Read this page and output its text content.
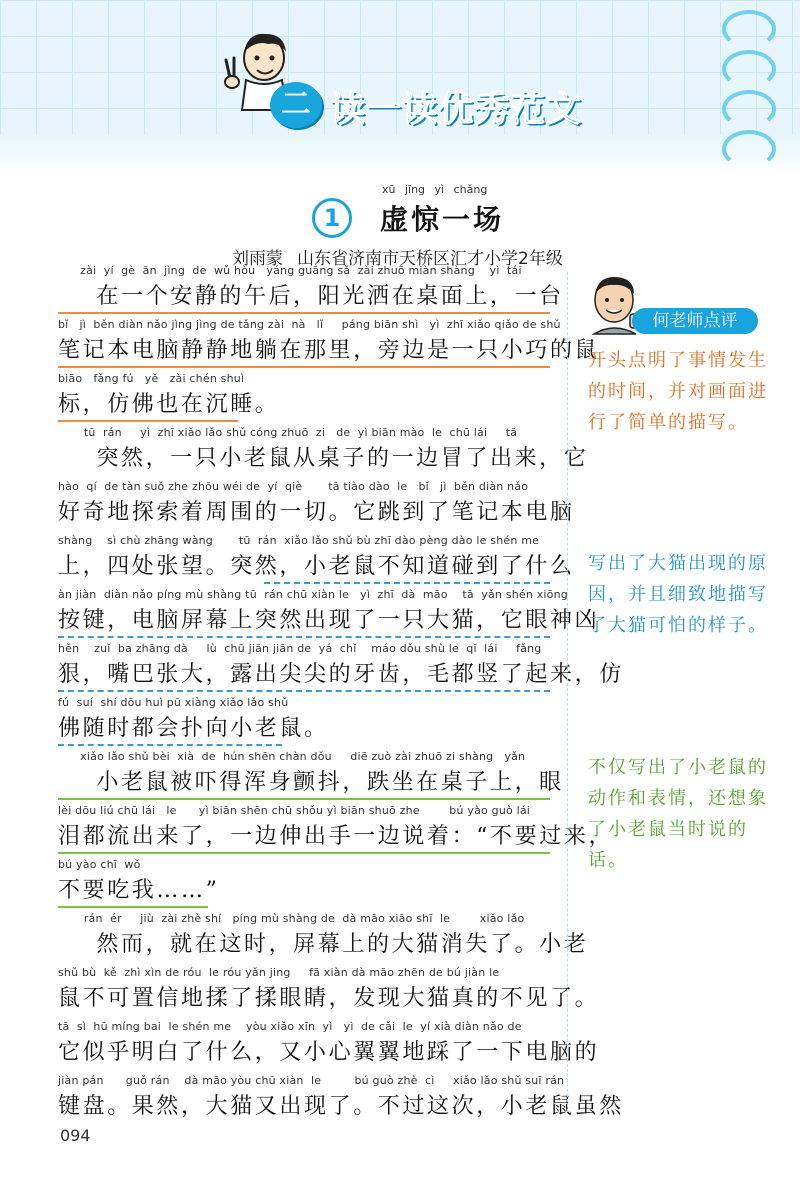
二 读一读优秀范文
xū jīng yì chǎng
1	虚惊一场
刘雨蒙 山东省济南市天桥区汇才小学2年级
zài  yí  gè  ān  jìng  de  wǔ hòu   yáng guāng sǎ  zài zhuō miàn shàng    yì  tái
在一个安静的午后，阳光洒在桌面上，一台
bǐ   jì  běn diàn nǎo jìng jìng de tǎng zài  nà   lǐ     páng biān shì   yì  zhī xiǎo qiǎo de shǔ
笔记本电脑静静地躺在那里，旁边是一只小巧的鼠
biāo   fǎng fú   yě   zài chén shuì
标，仿佛也在沉睡。
tū  rán     yì  zhī xiǎo lǎo shǔ cóng zhuō  zi   de  yì biān mào  le  chū lái     tā
突然，一只小老鼠从桌子的一边冒了出来，它
hào  qí  de tàn suǒ zhe zhōu wéi de  yí  qiè       tā tiào dào  le   bǐ   jì  běn diàn nǎo
好奇地探索着周围的一切。它跳到了笔记本电脑
shàng    sì chù zhāng wàng       tū  rán  xiǎo lǎo shǔ bù zhī dào pèng dào le shén me
上，四处张望。突然，小老鼠不知道碰到了什么
àn jiàn  diàn nǎo píng mù shàng tū  rán chū xiàn le   yì  zhī  dà  māo    tā  yǎn shén xiōng
按键，电脑屏幕上突然出现了一只大猫，它眼神凶
hěn    zuǐ  ba zhāng dà     lù  chū jiān jiān de  yá  chǐ    máo dǒu shù le  qǐ  lái     fǎng
狠，嘴巴张大，露出尖尖的牙齿，毛都竖了起来，仿
fú  suí  shí dōu huì pū xiàng xiǎo lǎo shǔ
佛随时都会扑向小老鼠。
xiǎo lǎo shǔ bèi  xià  de  hún shēn chàn dǒu     diē zuò zài zhuō zi shàng   yǎn
小老鼠被吓得浑身颤抖，跌坐在桌子上，眼
lèi dōu liú chū lái   le      yì biān shēn chū shǒu yì biān shuō zhe        bú yào guò lái
泪都流出来了，一边伸出手一边说着：“不要过来，
bú yào chī  wǒ
不要吃我……”
rán  ér     jiù  zài zhè shí   píng mù shàng de  dà māo xiāo shī  le        xiǎo lǎo
然而，就在这时，屏幕上的大猫消失了。小老
shǔ bù  kě  zhì xìn de róu  le róu yǎn jing     fā xiàn dà māo zhēn de bú jiàn le
鼠不可置信地揉了揉眼睛，发现大猫真的不见了。
tā  sì  hū míng bai  le shén me    yòu xiǎo xīn  yì   yì  de cǎi  le  yí xià diàn nǎo de
它似乎明白了什么，又小心翼翼地踩了一下电脑的
jiàn pán      guǒ rán    dà māo yòu chū xiàn  le         bú guò zhè  cì     xiǎo lǎo shǔ suī rán
键盘。果然，大猫又出现了。不过这次，小老鼠虽然
何老师点评
开头点明了事情发生的时间，并对画面进行了简单的描写。
写出了大猫出现的原因，并且细致地描写了大猫可怕的样子。
不仅写出了小老鼠的动作和表情，还想象了小老鼠当时说的话。
094
